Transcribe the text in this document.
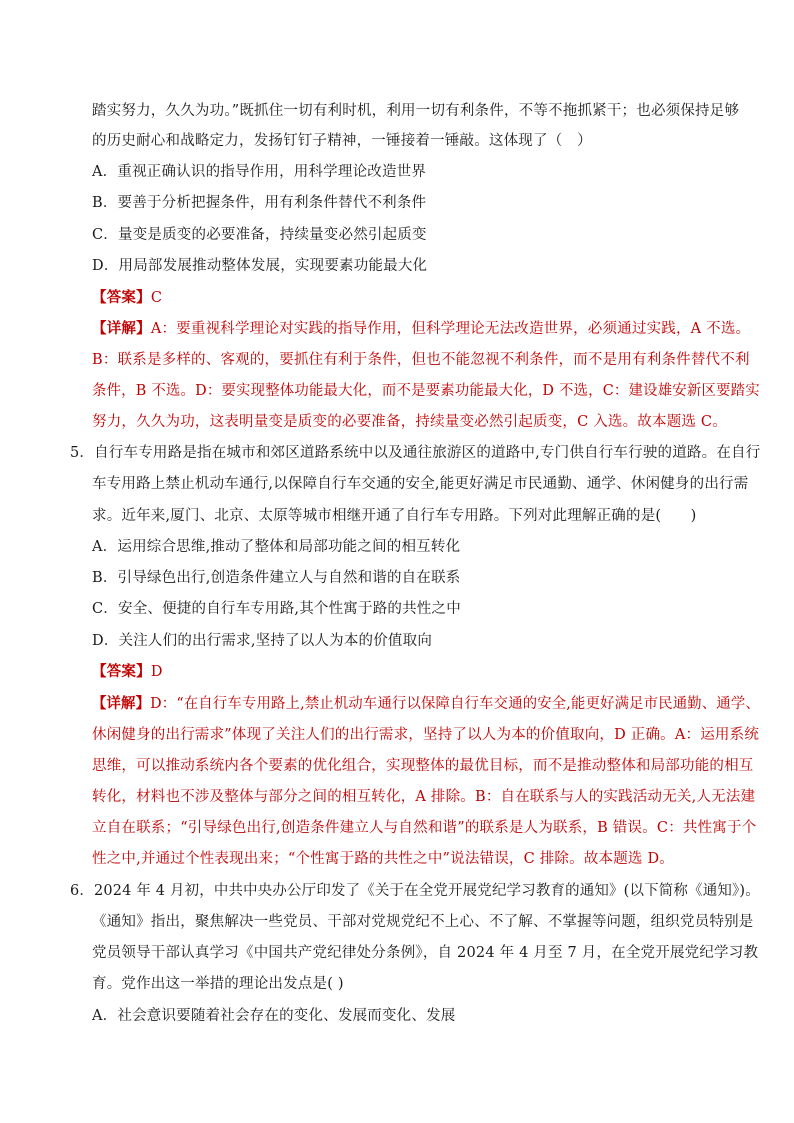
踏实努力，久久为功。”既抓住一切有利时机，利用一切有利条件，不等不拖抓紧干；也必须保持足够
的历史耐心和战略定力，发扬钉钉子精神，一锤接着一锤敲。这体现了（　）
A．重视正确认识的指导作用，用科学理论改造世界
B．要善于分析把握条件，用有利条件替代不利条件
C．量变是质变的必要准备，持续量变必然引起质变
D．用局部发展推动整体发展，实现要素功能最大化
【答案】C
【详解】A：要重视科学理论对实践的指导作用，但科学理论无法改造世界，必须通过实践，A 不选。
B：联系是多样的、客观的，要抓住有利于条件，但也不能忽视不利条件，而不是用有利条件替代不利
条件，B 不选。D：要实现整体功能最大化，而不是要素功能最大化，D 不选，C：建设雄安新区要踏实
努力，久久为功，这表明量变是质变的必要准备，持续量变必然引起质变，C 入选。故本题选 C。
5．自行车专用路是指在城市和郊区道路系统中以及通往旅游区的道路中,专门供自行车行驶的道路。在自行
车专用路上禁止机动车通行,以保障自行车交通的安全,能更好满足市民通勤、通学、休闲健身的出行需
求。近年来,厦门、北京、太原等城市相继开通了自行车专用路。下列对此理解正确的是(　　)
A．运用综合思维,推动了整体和局部功能之间的相互转化
B．引导绿色出行,创造条件建立人与自然和谐的自在联系
C．安全、便捷的自行车专用路,其个性寓于路的共性之中
D．关注人们的出行需求,坚持了以人为本的价值取向
【答案】D
【详解】D：“在自行车专用路上,禁止机动车通行以保障自行车交通的安全,能更好满足市民通勤、通学、
休闲健身的出行需求”体现了关注人们的出行需求，坚持了以人为本的价值取向，D 正确。A：运用系统
思维，可以推动系统内各个要素的优化组合，实现整体的最优目标，而不是推动整体和局部功能的相互
转化，材料也不涉及整体与部分之间的相互转化，A 排除。B：自在联系与人的实践活动无关,人无法建
立自在联系；“引导绿色出行,创造条件建立人与自然和谐”的联系是人为联系，B 错误。C：共性寓于个
性之中,并通过个性表现出来；“个性寓于路的共性之中”说法错误，C 排除。故本题选 D。
6．2024 年 4 月初，中共中央办公厅印发了《关于在全党开展党纪学习教育的通知》(以下简称《通知》)。
《通知》指出，聚焦解决一些党员、干部对党规党纪不上心、不了解、不掌握等问题，组织党员特别是
党员领导干部认真学习《中国共产党纪律处分条例》，自 2024 年 4 月至 7 月，在全党开展党纪学习教
育。党作出这一举措的理论出发点是( )
A．社会意识要随着社会存在的变化、发展而变化、发展
